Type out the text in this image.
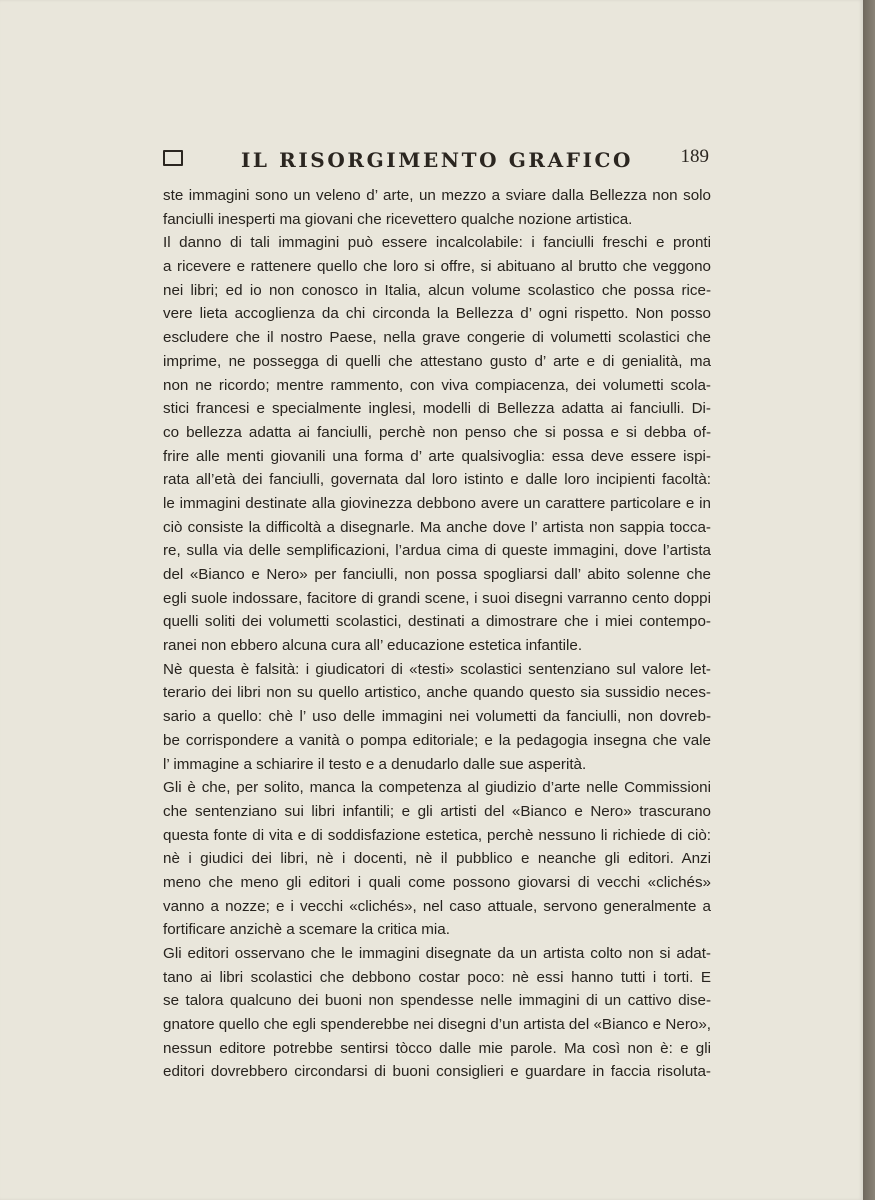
IL RISORGIMENTO GRAFICO	189
ste immagini sono un veleno d’ arte, un mezzo a sviare dalla Bellezza non solo
fanciulli inesperti ma giovani che ricevettero qualche nozione artistica.
Il danno di tali immagini può essere incalcolabile: i fanciulli freschi e pronti
a ricevere e rattenere quello che loro si offre, si abituano al brutto che veggono
nei libri; ed io non conosco in Italia, alcun volume scolastico che possa rice-
vere lieta accoglienza da chi circonda la Bellezza d’ ogni rispetto. Non posso
escludere che il nostro Paese, nella grave congerie di volumetti scolastici che
imprime, ne possegga di quelli che attestano gusto d’ arte e di genialità, ma
non ne ricordo; mentre rammento, con viva compiacenza, dei volumetti scola-
stici francesi e specialmente inglesi, modelli di Bellezza adatta ai fanciulli. Di-
co bellezza adatta ai fanciulli, perchè non penso che si possa e si debba of-
frire alle menti giovanili una forma d’ arte qualsivoglia: essa deve essere ispi-
rata all’età dei fanciulli, governata dal loro istinto e dalle loro incipienti facoltà:
le immagini destinate alla giovinezza debbono avere un carattere particolare e in
ciò consiste la difficoltà a disegnarle. Ma anche dove l’ artista non sappia tocca-
re, sulla via delle semplificazioni, l’ardua cima di queste immagini, dove l’artista
del «Bianco e Nero» per fanciulli, non possa spogliarsi dall’ abito solenne che
egli suole indossare, facitore di grandi scene, i suoi disegni varranno cento doppi
quelli soliti dei volumetti scolastici, destinati a dimostrare che i miei contempo-
ranei non ebbero alcuna cura all’ educazione estetica infantile.
Nè questa è falsità: i giudicatori di «testi» scolastici sentenziano sul valore let-
terario dei libri non su quello artistico, anche quando questo sia sussidio neces-
sario a quello: chè l’ uso delle immagini nei volumetti da fanciulli, non dovreb-
be corrispondere a vanità o pompa editoriale; e la pedagogia insegna che vale
l’ immagine a schiarire il testo e a denudarlo dalle sue asperità.
Gli è che, per solito, manca la competenza al giudizio d’arte nelle Commissioni
che sentenziano sui libri infantili; e gli artisti del «Bianco e Nero» trascurano
questa fonte di vita e di soddisfazione estetica, perchè nessuno li richiede di ciò:
nè i giudici dei libri, nè i docenti, nè il pubblico e neanche gli editori. Anzi
meno che meno gli editori i quali come possono giovarsi di vecchi «clichés»
vanno a nozze; e i vecchi «clichés», nel caso attuale, servono generalmente a
fortificare anzichè a scemare la critica mia.
Gli editori osservano che le immagini disegnate da un artista colto non si adat-
tano ai libri scolastici che debbono costar poco: nè essi hanno tutti i torti. E
se talora qualcuno dei buoni non spendesse nelle immagini di un cattivo dise-
gnatore quello che egli spenderebbe nei disegni d’un artista del «Bianco e Nero»,
nessun editore potrebbe sentirsi tòcco dalle mie parole. Ma così non è: e gli
editori dovrebbero circondarsi di buoni consiglieri e guardare in faccia risoluta-
